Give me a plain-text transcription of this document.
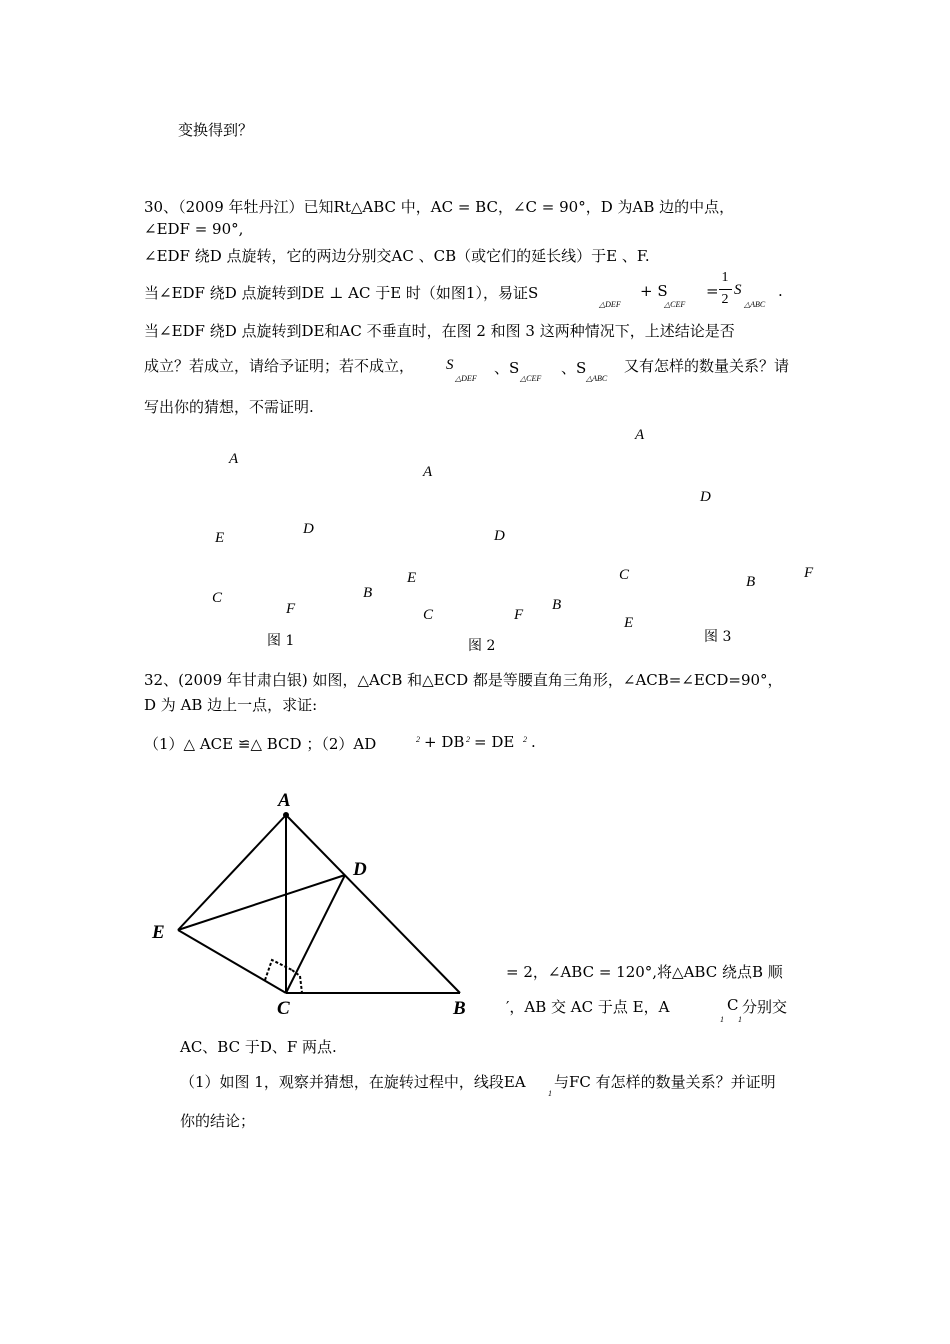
变换得到？
30、（2009 年牡丹江）已知Rt△ABC 中，AC = BC，∠C = 90°，D 为AB 边的中点，
∠EDF = 90°,
∠EDF 绕D 点旋转，它的两边分别交AC 、CB（或它们的延长线）于E 、F.
当∠EDF 绕D 点旋转到DE ⊥ AC 于E 时（如图1），易证S
△DEF
+ S
△CEF
=
1
2
S
△ABC
.
当∠EDF 绕D 点旋转到DE和AC 不垂直时，在图 2 和图 3 这两种情况下，上述结论是否
成立？若成立，请给予证明；若不成立， S
△DEF
、S
△CEF
、S
△ABC
又有怎样的数量关系？请
写出你的猜想，不需证明.
A
E
D
C
F
B
图 1
A
D
E
C	F
B
图 2
A
D
C	B
F
E
图 3
32、(2009 年甘肃白银) 如图，△ACB 和△ECD 都是等腰直角三角形，∠ACB=∠ECD=90°，
D 为 AB 边上一点，求证:
（1）△ ACE ≌△ BCD ；（2）AD	2 + DB 2 = DE 2 .
A
D
E
C	B
= 2，∠ABC = 120°,将△ABC 绕点B 顺
′，AB 交 AC 于点 E，A
1
C
1
分别交
AC、BC 于D、F 两点.
（1）如图 1，观察并猜想，在旋转过程中，线段EA
1
与FC 有怎样的数量关系？并证明
你的结论；
